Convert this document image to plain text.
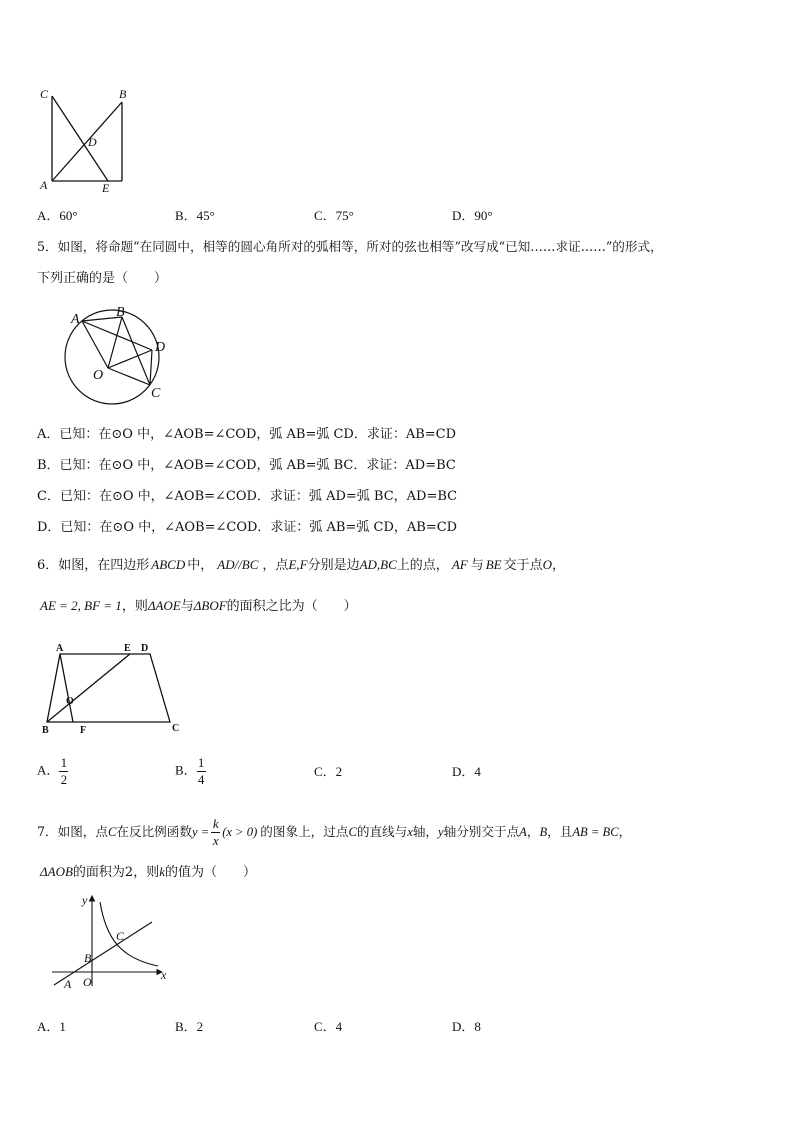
C	B
D
A	E
A．60°	B．45°	C．75°	D．90°
5．如图，将命题“在同圆中，相等的圆心角所对的弧相等，所对的弦也相等”改写成“已知……求证……”的形式，
下列正确的是（　　）
A	B
D
O
C
A．已知：在⊙O 中，∠AOB=∠COD，弧 AB=弧 CD．求证：AB=CD
B．已知：在⊙O 中，∠AOB=∠COD，弧 AB=弧 BC．求证：AD=BC
C．已知：在⊙O 中，∠AOB=∠COD．求证：弧 AD=弧 BC，AD=BC
D．已知：在⊙O 中，∠AOB=∠COD．求证：弧 AB=弧 CD，AB=CD
6．如图，在四边形 ABCD 中， AD//BC ，点E,F分别是边AD,BC上的点， AF 与 BE 交于点O，
AE = 2, BF = 1，则ΔAOE与ΔBOF的面积之比为（　　）
A	E D
O
B	F	C
A． $\frac{1}{2}$	B． $\frac{1}{4}$	C．2	D．4
7．如图，点C在反比例函数$y = \frac{k}{x} (x > 0)$ 的图象上，过点C的直线与x轴，y轴分别交于点A，B，且AB = BC，
ΔAOB的面积为2，则k的值为（　　）
y
x
C
B
A O
A．1	B．2	C．4	D．8
